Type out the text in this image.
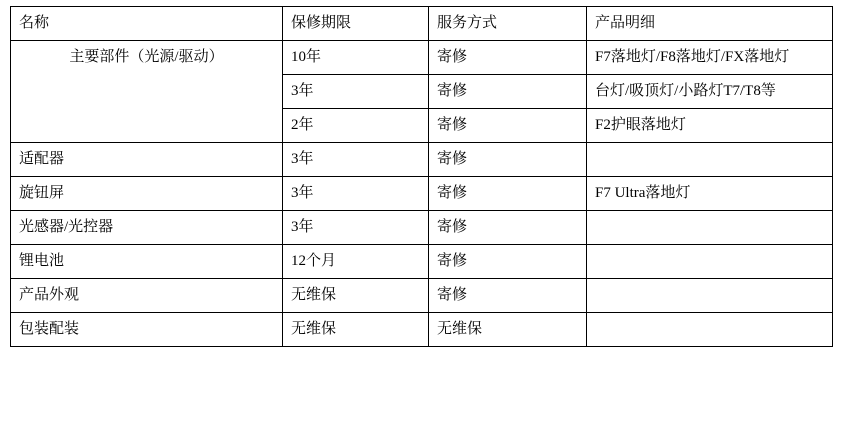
名称	保修期限	服务方式	产品明细

主要部件（光源/驱动）	10年	寄修	F7落地灯/F8落地灯/FX落地灯

	3年	寄修	台灯/吸顶灯/小路灯T7/T8等

	2年	寄修	F2护眼落地灯

适配器	3年	寄修	

旋钮屏	3年	寄修	F7 Ultra落地灯

光感器/光控器	3年	寄修	

锂电池	12个月	寄修	

产品外观	无维保	寄修	

包装配装	无维保	无维保	
